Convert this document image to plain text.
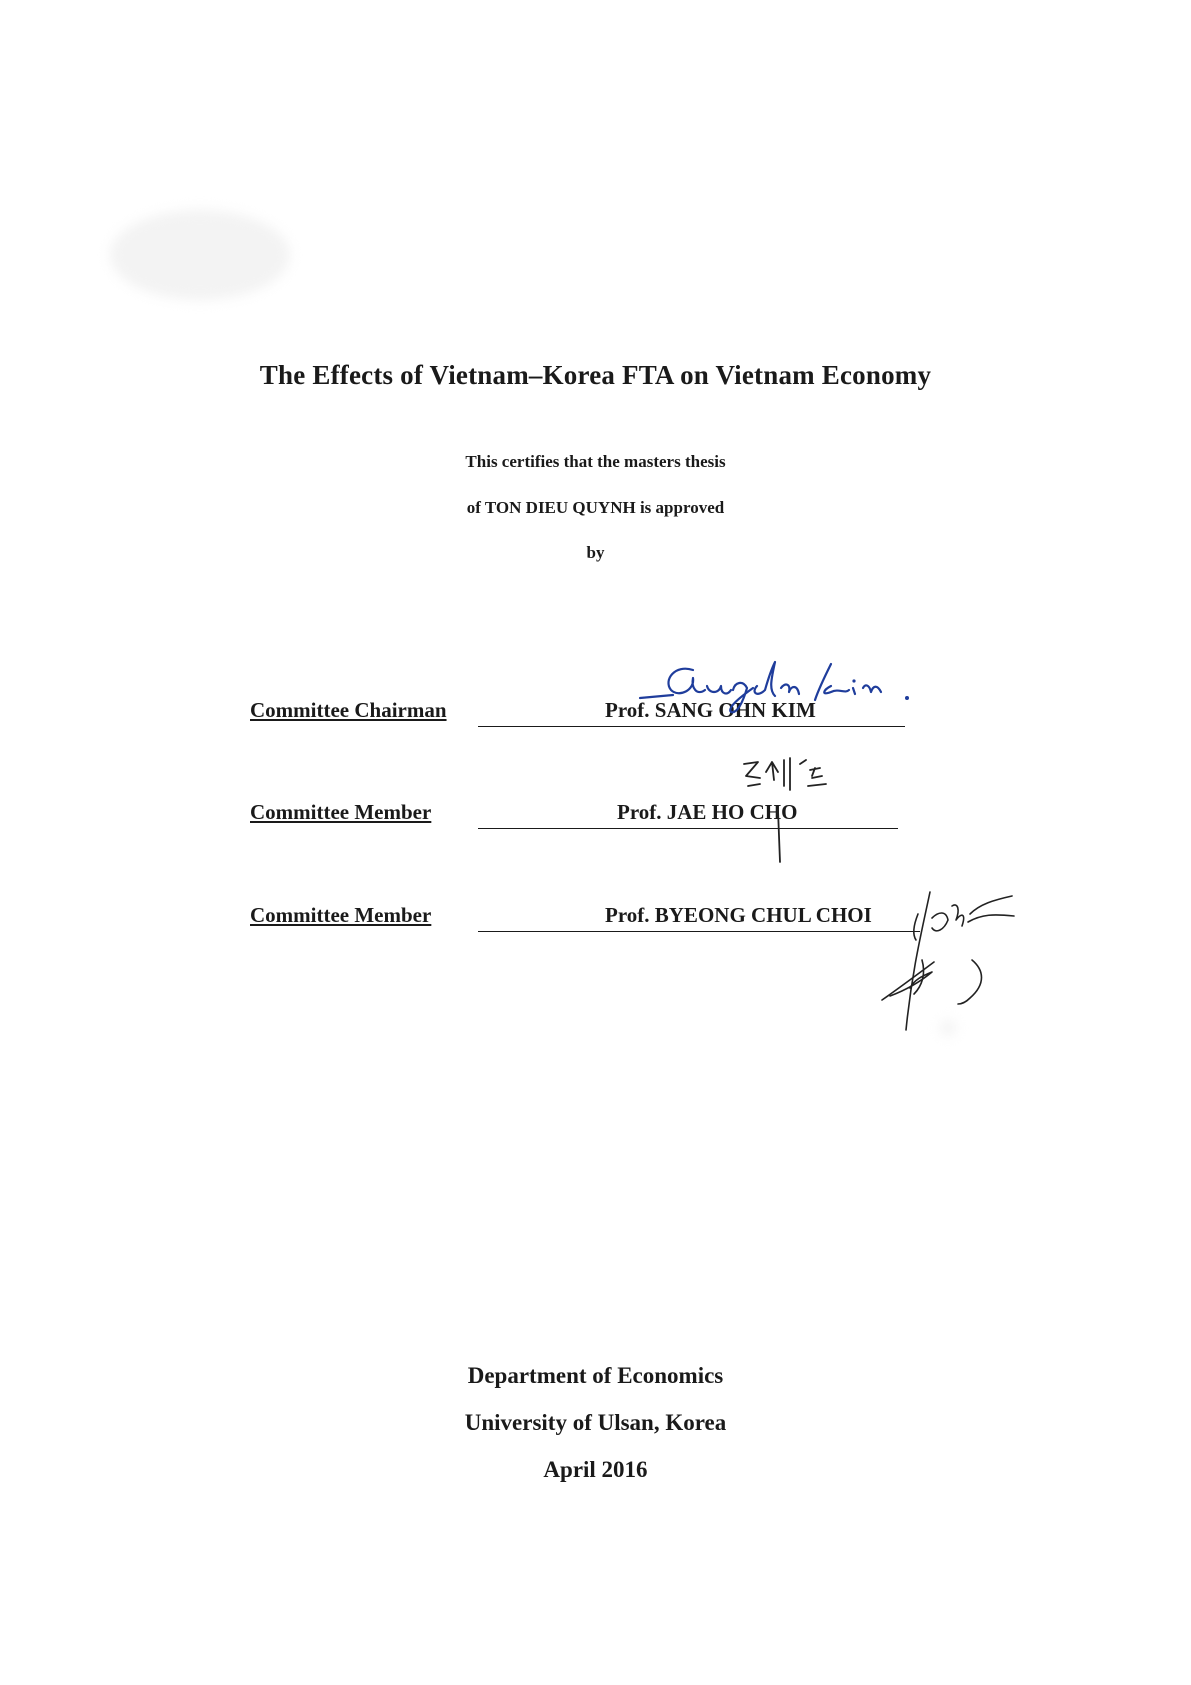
The Effects of Vietnam–Korea FTA on Vietnam Economy
This certifies that the masters thesis
of TON DIEU QUYNH is approved
by
Committee Chairman	Prof. SANG OHN KIM
Committee Member	Prof. JAE HO CHO
Committee Member	Prof. BYEONG CHUL CHOI
Department of Economics
University of Ulsan, Korea
April 2016
